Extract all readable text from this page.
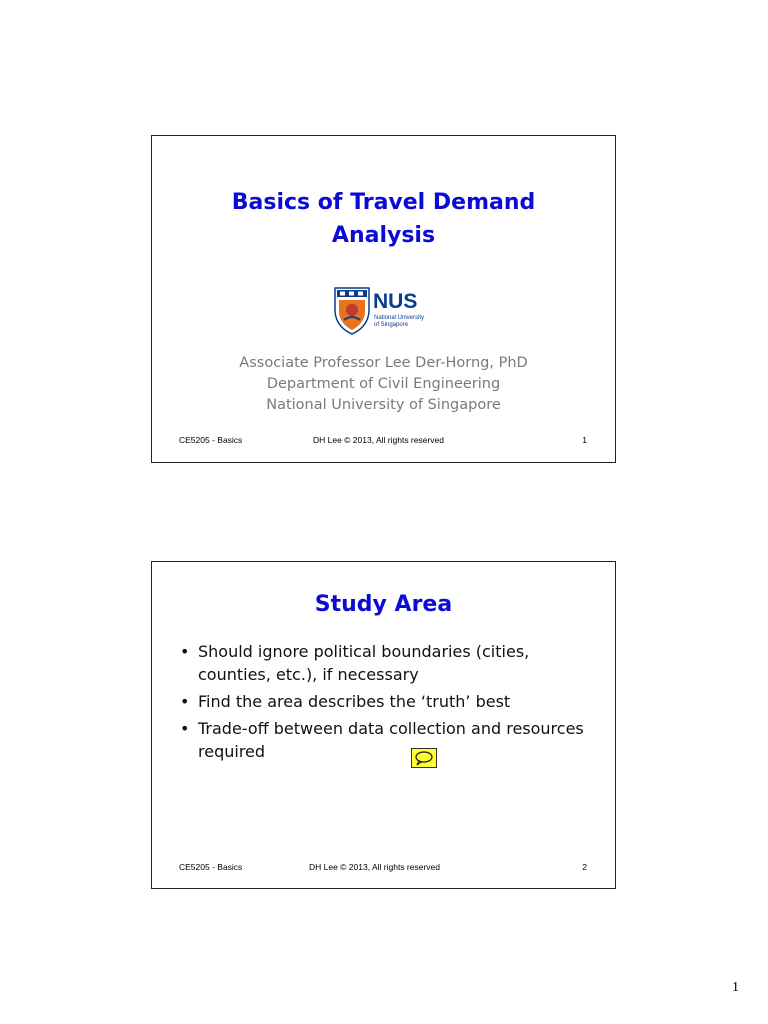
Basics of Travel Demand
Analysis
NUS
National University
of Singapore
Associate Professor Lee Der-Horng, PhD
Department of Civil Engineering
National University of Singapore
CE5205 - Basics	DH Lee © 2013, All rights reserved	1
Study Area
• Should ignore political boundaries (cities, counties, etc.), if necessary
• Find the area describes the ‘truth’ best
• Trade-off between data collection and resources required
CE5205 - Basics	DH Lee © 2013, All rights reserved	2
1
